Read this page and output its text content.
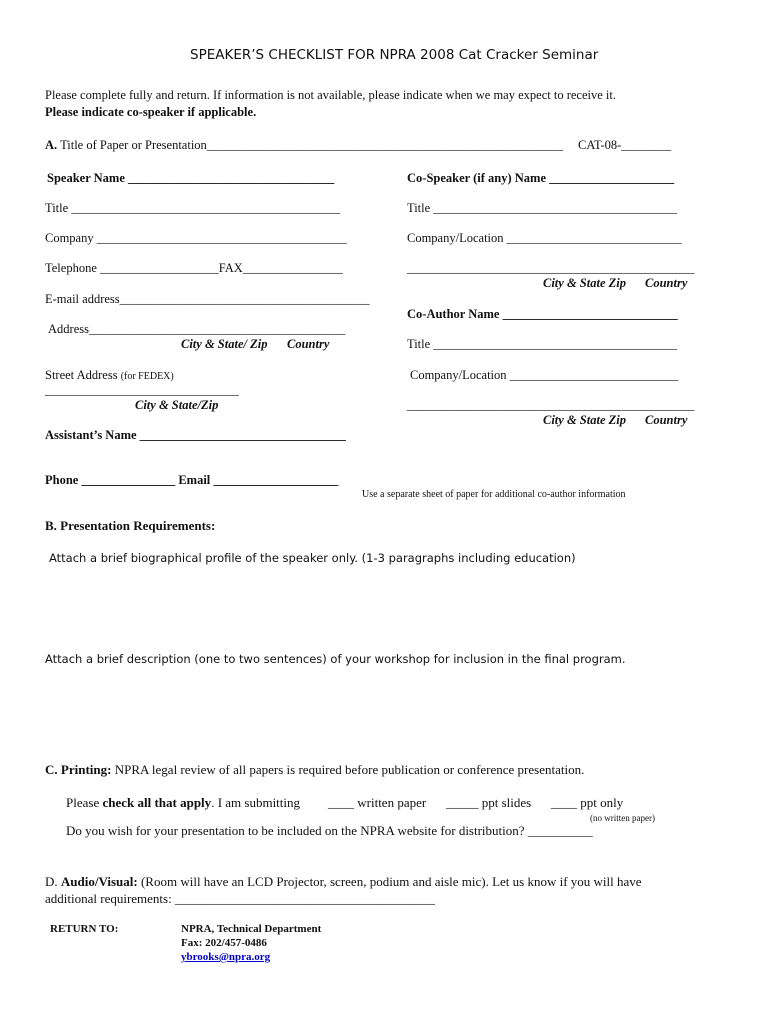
SPEAKER’S CHECKLIST FOR NPRA 2008 Cat Cracker Seminar
Please complete fully and return. If information is not available, please indicate when we may expect to receive it.
Please indicate co-speaker if applicable.
A. Title of Paper or Presentation_________________________________________________________ CAT-08-________
Speaker Name _________________________________
Title ___________________________________________
Company ________________________________________
Telephone ___________________FAX________________
E-mail address________________________________________
Address_________________________________________
City & State/ Zip Country
Street Address (for FEDEX)
_______________________________
City & State/Zip
Assistant’s Name _________________________________
Phone _______________ Email ____________________
Co-Speaker (if any) Name ____________________
Title _______________________________________
Company/Location ____________________________
______________________________________________
City & State Zip Country
Co-Author Name ____________________________
Title _______________________________________
Company/Location ___________________________
______________________________________________
City & State Zip Country
Use a separate sheet of paper for additional co-author information
B. Presentation Requirements:
Attach a brief biographical profile of the speaker only. (1-3 paragraphs including education)
Attach a brief description (one to two sentences) of your workshop for inclusion in the final program.
C. Printing: NPRA legal review of all papers is required before publication or conference presentation.
Please check all that apply. I am submitting ____ written paper _____ ppt slides ____ ppt only
(no written paper)
Do you wish for your presentation to be included on the NPRA website for distribution? __________
D. Audio/Visual: (Room will have an LCD Projector, screen, podium and aisle mic). Let us know if you will have
additional requirements: ________________________________________
RETURN TO:	NPRA, Technical Department
Fax: 202/457-0486
ybrooks@npra.org
